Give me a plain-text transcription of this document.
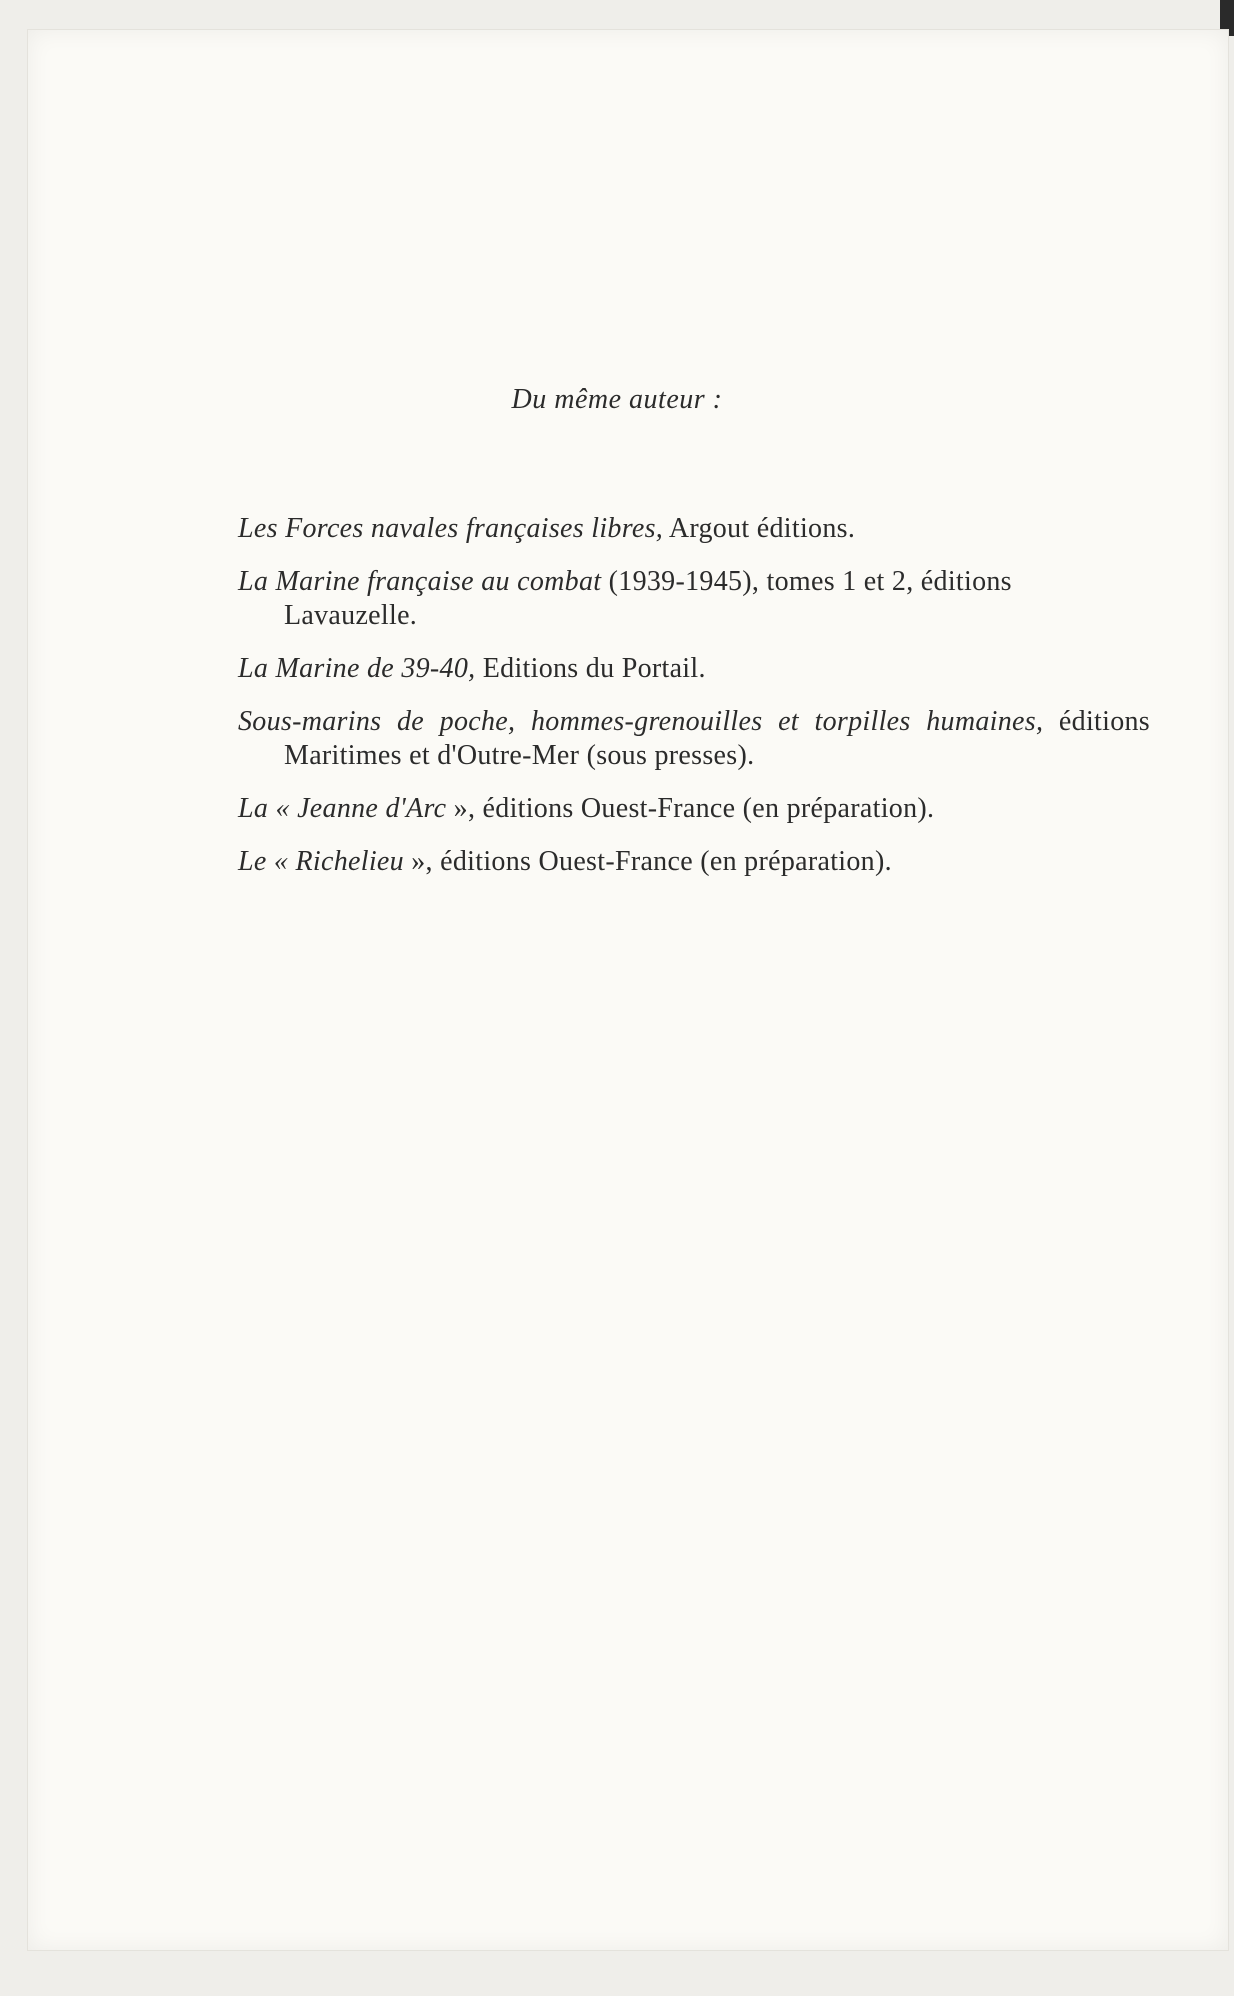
Du même auteur :
Les Forces navales françaises libres, Argout éditions.
La Marine française au combat (1939-1945), tomes 1 et 2, éditions Lavauzelle.
La Marine de 39-40, Editions du Portail.
Sous-marins de poche, hommes-grenouilles et torpilles humaines, éditions Maritimes et d'Outre-Mer (sous presses).
La « Jeanne d'Arc », éditions Ouest-France (en préparation).
Le « Richelieu », éditions Ouest-France (en préparation).
